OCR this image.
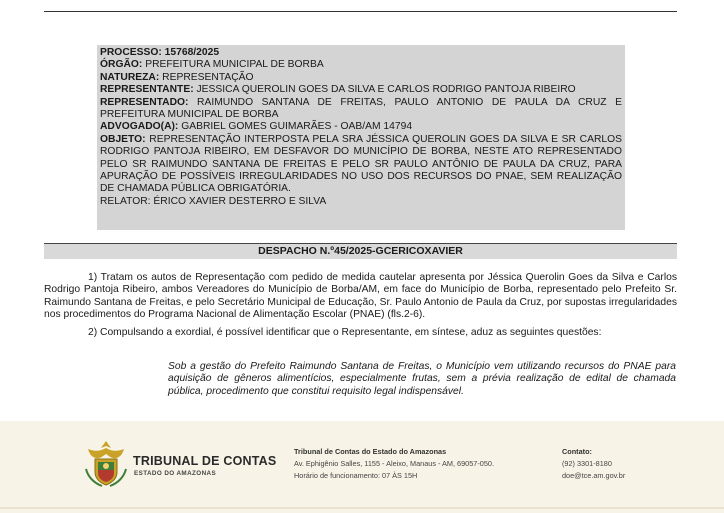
PROCESSO: 15768/2025

ÓRGÃO: PREFEITURA MUNICIPAL DE BORBA

NATUREZA: REPRESENTAÇÃO

REPRESENTANTE: JESSICA QUEROLIN GOES DA SILVA E CARLOS RODRIGO PANTOJA RIBEIRO

REPRESENTADO: RAIMUNDO SANTANA DE FREITAS, PAULO ANTONIO DE PAULA DA CRUZ E PREFEITURA MUNICIPAL DE BORBA

ADVOGADO(A): GABRIEL GOMES GUIMARÃES - OAB/AM 14794

OBJETO: REPRESENTAÇÃO INTERPOSTA PELA SRA JÉSSICA QUEROLIN GOES DA SILVA E SR CARLOS RODRIGO PANTOJA RIBEIRO, EM DESFAVOR DO MUNICÍPIO DE BORBA, NESTE ATO REPRESENTADO PELO SR RAIMUNDO SANTANA DE FREITAS E PELO SR PAULO ANTÔNIO DE PAULA DA CRUZ, PARA APURAÇÃO DE POSSÍVEIS IRREGULARIDADES NO USO DOS RECURSOS DO PNAE, SEM REALIZAÇÃO DE CHAMADA PÚBLICA OBRIGATÓRIA.

RELATOR: ÉRICO XAVIER DESTERRO E SILVA

DESPACHO N.º45/2025-GCERICOXAVIER

1) Tratam os autos de Representação com pedido de medida cautelar apresenta por Jéssica Querolin Goes da Silva e Carlos Rodrigo Pantoja Ribeiro, ambos Vereadores do Município de Borba/AM, em face do Município de Borba, representado pelo Prefeito Sr. Raimundo Santana de Freitas, e pelo Secretário Municipal de Educação, Sr. Paulo Antonio de Paula da Cruz, por supostas irregularidades nos procedimentos do Programa Nacional de Alimentação Escolar (PNAE) (fls.2-6).

2) Compulsando a exordial, é possível identificar que o Representante, em síntese, aduz as seguintes questões:

Sob a gestão do Prefeito Raimundo Santana de Freitas, o Município vem utilizando recursos do PNAE para aquisição de gêneros alimentícios, especialmente frutas, sem a prévia realização de edital de chamada pública, procedimento que constitui requisito legal indispensável.
TRIBUNAL DE CONTAS
ESTADO DO AMAZONAS
Tribunal de Contas do Estado do Amazonas
Av. Ephigênio Salles, 1155 - Aleixo, Manaus - AM, 69057-050.
Horário de funcionamento: 07 ÀS 15H
Contato:
(92) 3301-8180
doe@tce.am.gov.br
